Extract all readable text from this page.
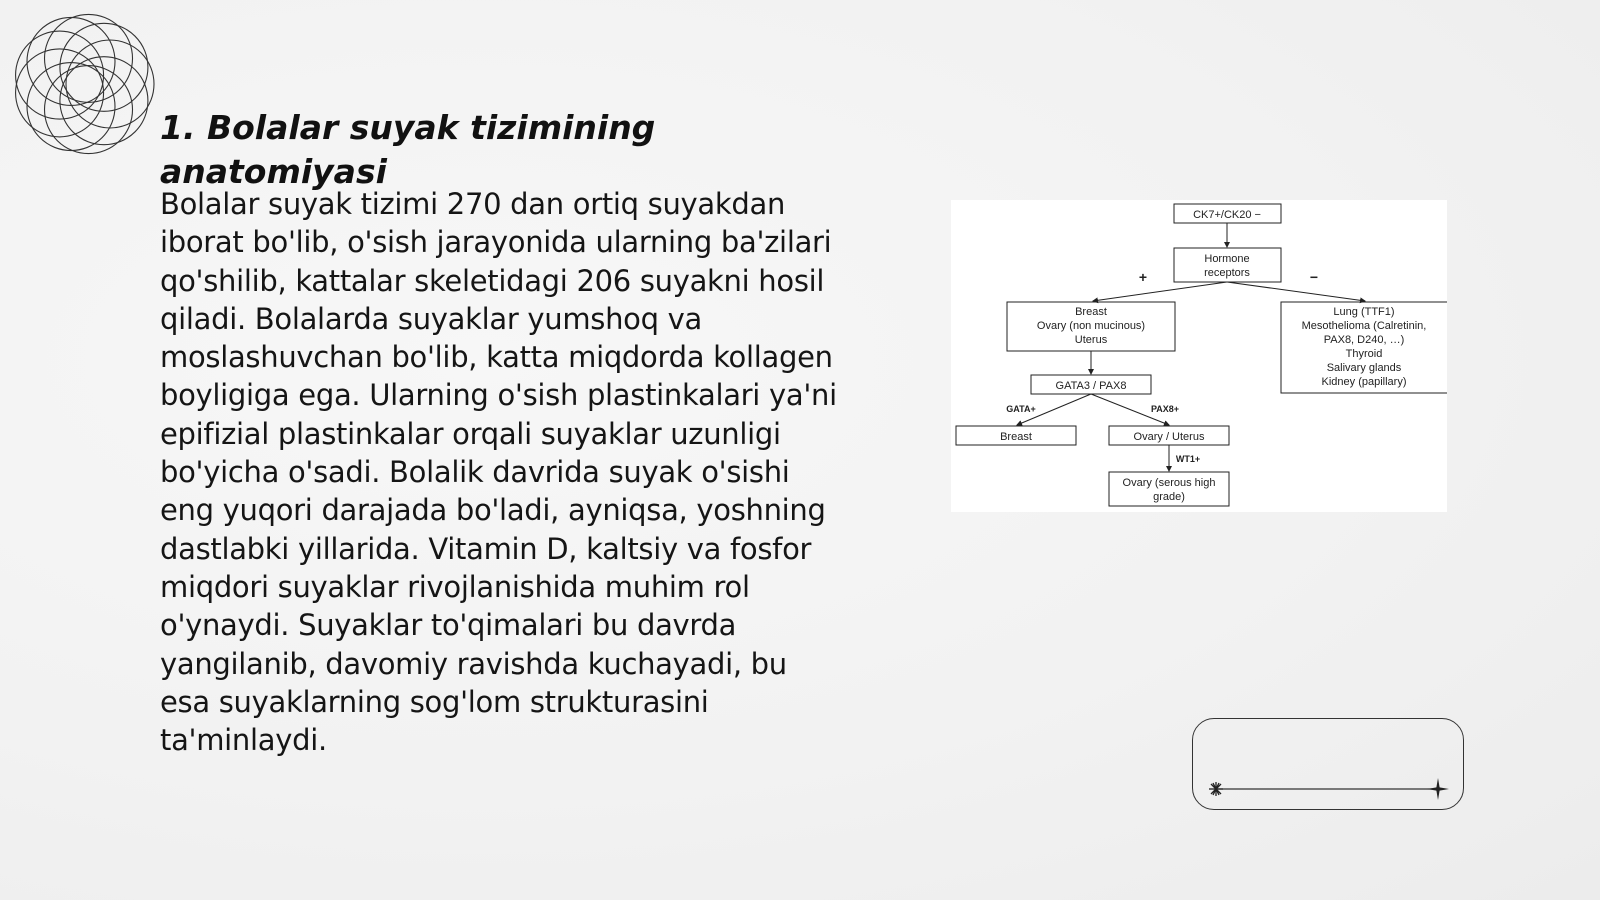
1. Bolalar suyak tizimining anatomiyasi

Bolalar suyak tizimi 270 dan ortiq suyakdan iborat bo'lib, o'sish jarayonida ularning ba'zilari qo'shilib, kattalar skeletidagi 206 suyakni hosil qiladi. Bolalarda suyaklar yumshoq va moslashuvchan bo'lib, katta miqdorda kollagen boyligiga ega. Ularning o'sish plastinkalari ya'ni epifizial plastinkalar orqali suyaklar uzunligi bo'yicha o'sadi. Bolalik davrida suyak o'sishi eng yuqori darajada bo'ladi, ayniqsa, yoshning dastlabki yillarida. Vitamin D, kaltsiy va fosfor miqdori suyaklar rivojlanishida muhim rol o'ynaydi. Suyaklar to'qimalari bu davrda yangilanib, davomiy ravishda kuchayadi, bu esa suyaklarning sog'lom strukturasini ta'minlaydi.

CK7+/CK20 −
Hormone
receptors
+	−
Breast
Ovary (non mucinous)
Uterus
Lung (TTF1)
Mesothelioma (Calretinin,
PAX8, D240, …)
Thyroid
Salivary glands
Kidney (papillary)
GATA3 / PAX8
GATA+	PAX8+
Breast	Ovary / Uterus
WT1+
Ovary (serous high
grade)
